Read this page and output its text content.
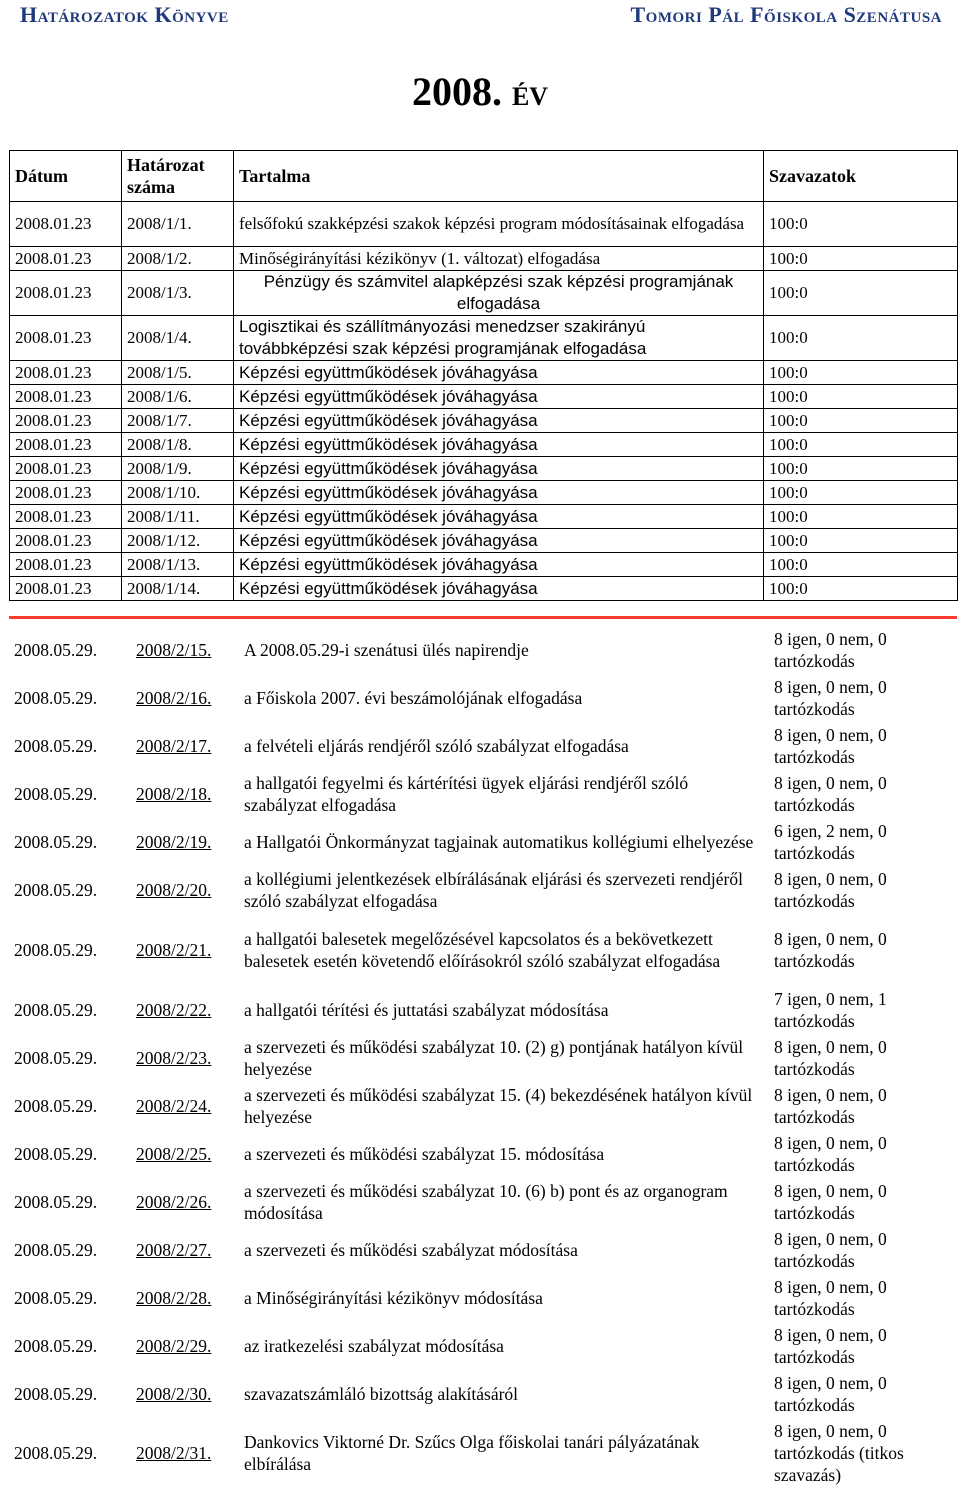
Határozatok Könyve	Tomori Pál Főiskola Szenátusa
2008. ÉV
Dátum	Határozat száma	Tartalma	Szavazatok
2008.01.23	2008/1/1.	felsőfokú szakképzési szakok képzési program módosításainak elfogadása	100:0
2008.01.23	2008/1/2.	Minőségirányítási kézikönyv (1. változat) elfogadása	100:0
2008.01.23	2008/1/3.	Pénzügy és számvitel alapképzési szak képzési programjának elfogadása	100:0
2008.01.23	2008/1/4.	Logisztikai és szállítmányozási menedzser szakirányú továbbképzési szak képzési programjának elfogadása	100:0
2008.01.23	2008/1/5.	Képzési együttműködések jóváhagyása	100:0
2008.01.23	2008/1/6.	Képzési együttműködések jóváhagyása	100:0
2008.01.23	2008/1/7.	Képzési együttműködések jóváhagyása	100:0
2008.01.23	2008/1/8.	Képzési együttműködések jóváhagyása	100:0
2008.01.23	2008/1/9.	Képzési együttműködések jóváhagyása	100:0
2008.01.23	2008/1/10.	Képzési együttműködések jóváhagyása	100:0
2008.01.23	2008/1/11.	Képzési együttműködések jóváhagyása	100:0
2008.01.23	2008/1/12.	Képzési együttműködések jóváhagyása	100:0
2008.01.23	2008/1/13.	Képzési együttműködések jóváhagyása	100:0
2008.01.23	2008/1/14.	Képzési együttműködések jóváhagyása	100:0
2008.05.29.	2008/2/15.	A 2008.05.29-i szenátusi ülés napirendje	8 igen, 0 nem, 0 tartózkodás
2008.05.29.	2008/2/16.	a Főiskola 2007. évi beszámolójának elfogadása	8 igen, 0 nem, 0 tartózkodás
2008.05.29.	2008/2/17.	a felvételi eljárás rendjéről szóló szabályzat elfogadása	8 igen, 0 nem, 0 tartózkodás
2008.05.29.	2008/2/18.	a hallgatói fegyelmi és kártérítési ügyek eljárási rendjéről szóló szabályzat elfogadása	8 igen, 0 nem, 0 tartózkodás
2008.05.29.	2008/2/19.	a Hallgatói Önkormányzat tagjainak automatikus kollégiumi elhelyezése	6 igen, 2 nem, 0 tartózkodás
2008.05.29.	2008/2/20.	a kollégiumi jelentkezések elbírálásának eljárási és szervezeti rendjéről szóló szabályzat elfogadása	8 igen, 0 nem, 0 tartózkodás
2008.05.29.	2008/2/21.	a hallgatói balesetek megelőzésével kapcsolatos és a bekövetkezett balesetek esetén követendő előírásokról szóló szabályzat elfogadása	8 igen, 0 nem, 0 tartózkodás
2008.05.29.	2008/2/22.	a hallgatói térítési és juttatási szabályzat módosítása	7 igen, 0 nem, 1 tartózkodás
2008.05.29.	2008/2/23.	a szervezeti és működési szabályzat 10. (2) g) pontjának hatályon kívül helyezése	8 igen, 0 nem, 0 tartózkodás
2008.05.29.	2008/2/24.	a szervezeti és működési szabályzat 15. (4) bekezdésének hatályon kívül helyezése	8 igen, 0 nem, 0 tartózkodás
2008.05.29.	2008/2/25.	a szervezeti és működési szabályzat 15. módosítása	8 igen, 0 nem, 0 tartózkodás
2008.05.29.	2008/2/26.	a szervezeti és működési szabályzat 10. (6) b) pont és az organogram módosítása	8 igen, 0 nem, 0 tartózkodás
2008.05.29.	2008/2/27.	a szervezeti és működési szabályzat módosítása	8 igen, 0 nem, 0 tartózkodás
2008.05.29.	2008/2/28.	a Minőségirányítási kézikönyv módosítása	8 igen, 0 nem, 0 tartózkodás
2008.05.29.	2008/2/29.	az iratkezelési szabályzat módosítása	8 igen, 0 nem, 0 tartózkodás
2008.05.29.	2008/2/30.	szavazatszámláló bizottság alakításáról	8 igen, 0 nem, 0 tartózkodás
2008.05.29.	2008/2/31.	Dankovics Viktorné Dr. Szűcs Olga főiskolai tanári pályázatának elbírálása	8 igen, 0 nem, 0 tartózkodás (titkos szavazás)
